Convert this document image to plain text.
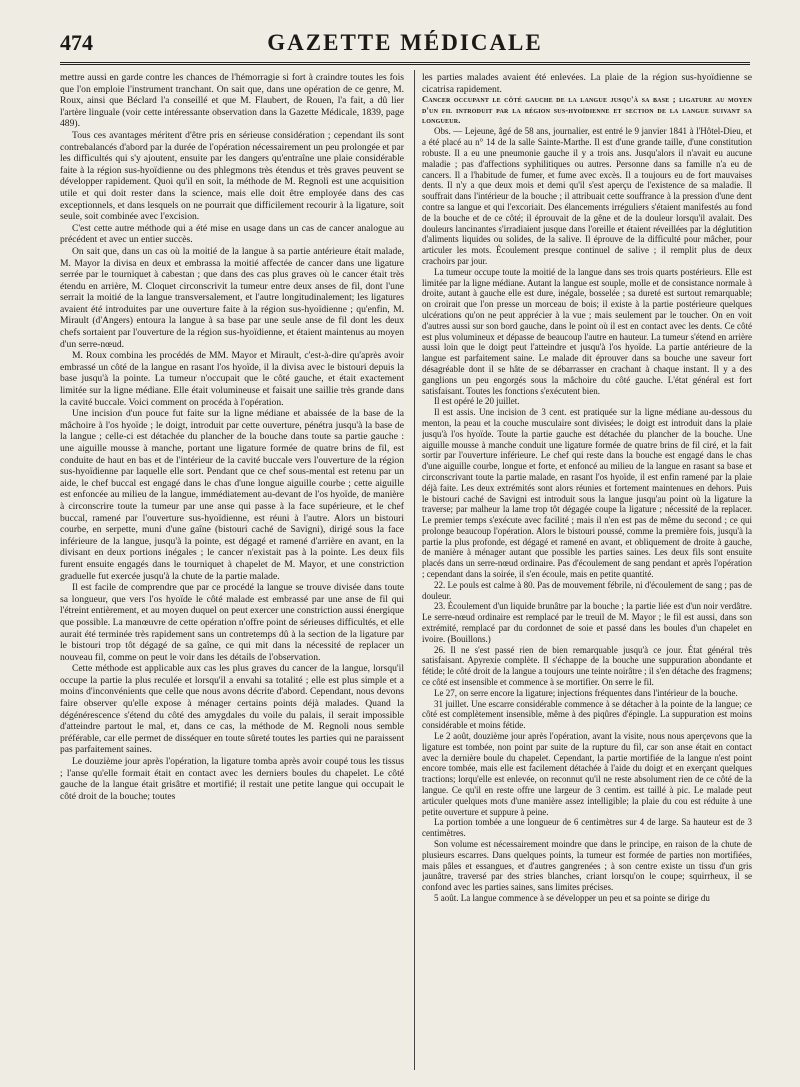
474	GAZETTE MÉDICALE

mettre aussi en garde contre les chances de l'hémorragie si fort à craindre toutes les fois que l'on emploie l'instrument tranchant. On sait que, dans une opération de ce genre, M. Roux, ainsi que Béclard l'a conseillé et que M. Flaubert, de Rouen, l'a fait, a dû lier l'artère linguale (voir cette intéressante observation dans la Gazette Médicale, 1839, page 489).

Tous ces avantages méritent d'être pris en sérieuse considération ; cependant ils sont contrebalancés d'abord par la durée de l'opération nécessairement un peu prolongée et par les difficultés qui s'y ajoutent, ensuite par les dangers qu'entraîne une plaie considérable faite à la région sus-hyoïdienne ou des phlegmons très étendus et très graves peuvent se développer rapidement. Quoi qu'il en soit, la méthode de M. Regnoli est une acquisition utile et qui doit rester dans la science, mais elle doit être employée dans des cas exceptionnels, et dans lesquels on ne pourrait que difficilement recourir à la ligature, soit seule, soit combinée avec l'excision.

C'est cette autre méthode qui a été mise en usage dans un cas de cancer analogue au précédent et avec un entier succès.

On sait que, dans un cas où la moitié de la langue à sa partie antérieure était malade, M. Mayor la divisa en deux et embrassa la moitié affectée de cancer dans une ligature serrée par le tourniquet à cabestan ; que dans des cas plus graves où le cancer était très étendu en arrière, M. Cloquet circonscrivit la tumeur entre deux anses de fil, dont l'une serrait la moitié de la langue transversalement, et l'autre longitudinalement; les ligatures avaient été introduites par une ouverture faite à la région sus-hyoïdienne ; qu'enfin, M. Mirault (d'Angers) entoura la langue à sa base par une seule anse de fil dont les deux chefs sortaient par l'ouverture de la région sus-hyoïdienne, et étaient maintenus au moyen d'un serre-nœud.

M. Roux combina les procédés de MM. Mayor et Mirault, c'est-à-dire qu'après avoir embrassé un côté de la langue en rasant l'os hyoïde, il la divisa avec le bistouri depuis la base jusqu'à la pointe. La tumeur n'occupait que le côté gauche, et était exactement limitée sur la ligne médiane. Elle était volumineuse et faisait une saillie très grande dans la cavité buccale. Voici comment on procéda à l'opération.

Une incision d'un pouce fut faite sur la ligne médiane et abaissée de la base de la mâchoire à l'os hyoïde ; le doigt, introduit par cette ouverture, pénétra jusqu'à la base de la langue ; celle-ci est détachée du plancher de la bouche dans toute sa partie gauche : une aiguille mousse à manche, portant une ligature formée de quatre brins de fil, est conduite de haut en bas et de l'intérieur de la cavité buccale vers l'ouverture de la région sus-hyoïdienne par laquelle elle sort. Pendant que ce chef sous-mental est retenu par un aide, le chef buccal est engagé dans le chas d'une longue aiguille courbe ; cette aiguille est enfoncée au milieu de la langue, immédiatement au-devant de l'os hyoïde, de manière à circonscrire toute la tumeur par une anse qui passe à la face supérieure, et le chef buccal, ramené par l'ouverture sus-hyoïdienne, est réuni à l'autre. Alors un bistouri courbe, en serpette, muni d'une gaîne (bistouri caché de Savigni), dirigé sous la face inférieure de la langue, jusqu'à la pointe, est dégagé et ramené d'arrière en avant, en la divisant en deux portions inégales ; le cancer n'existait pas à la pointe. Les deux fils furent ensuite engagés dans le tourniquet à chapelet de M. Mayor, et une constriction graduelle fut exercée jusqu'à la chute de la partie malade.

Il est facile de comprendre que par ce procédé la langue se trouve divisée dans toute sa longueur, que vers l'os hyoïde le côté malade est embrassé par une anse de fil qui l'étreint entièrement, et au moyen duquel on peut exercer une constriction aussi énergique que possible. La manœuvre de cette opération n'offre point de sérieuses difficultés, et elle aurait été terminée très rapidement sans un contretemps dû à la section de la ligature par le bistouri trop tôt dégagé de sa gaîne, ce qui mit dans la nécessité de replacer un nouveau fil, comme on peut le voir dans les détails de l'observation.

Cette méthode est applicable aux cas les plus graves du cancer de la langue, lorsqu'il occupe la partie la plus reculée et lorsqu'il a envahi sa totalité ; elle est plus simple et a moins d'inconvénients que celle que nous avons décrite d'abord. Cependant, nous devons faire observer qu'elle expose à ménager certains points déjà malades. Quand la dégénérescence s'étend du côté des amygdales du voile du palais, il serait impossible d'atteindre partout le mal, et, dans ce cas, la méthode de M. Regnoli nous semble préférable, car elle permet de disséquer en toute sûreté toutes les parties qui ne paraissent pas parfaitement saines.

Le douzième jour après l'opération, la ligature tomba après avoir coupé tous les tissus ; l'anse qu'elle formait était en contact avec les derniers boules du chapelet. Le côté gauche de la langue était grisâtre et mortifié; il restait une petite langue qui occupait le côté droit de la bouche; toutes

les parties malades avaient été enlevées. La plaie de la région sus-hyoïdienne se cicatrisa rapidement.

Cancer occupant le côté gauche de la langue jusqu'à sa base ; ligature au moyen d'un fil introduit par la région sus-hyoïdienne et section de la langue suivant sa longueur.

Obs. — Lejeune, âgé de 58 ans, journalier, est entré le 9 janvier 1841 à l'Hôtel-Dieu, et a été placé au n° 14 de la salle Sainte-Marthe. Il est d'une grande taille, d'une constitution robuste. Il a eu une pneumonie gauche il y a trois ans. Jusqu'alors il n'avait eu aucune maladie ; pas d'affections syphilitiques ou autres. Personne dans sa famille n'a eu de cancers. Il a l'habitude de fumer, et fume avec excès. Il a toujours eu de fort mauvaises dents. Il n'y a que deux mois et demi qu'il s'est aperçu de l'existence de sa maladie. Il souffrait dans l'intérieur de la bouche ; il attribuait cette souffrance à la pression d'une dent contre sa langue et qui l'excoriait. Des élancements irréguliers s'étaient manifestés au fond de la bouche et de ce côté; il éprouvait de la gêne et de la douleur lorsqu'il avalait. Des douleurs lancinantes s'irradiaient jusque dans l'oreille et étaient réveillées par la déglutition d'aliments liquides ou solides, de la salive. Il éprouve de la difficulté pour mâcher, pour articuler les mots. Écoulement presque continuel de salive ; il remplit plus de deux crachoirs par jour.

La tumeur occupe toute la moitié de la langue dans ses trois quarts postérieurs. Elle est limitée par la ligne médiane. Autant la langue est souple, molle et de consistance normale à droite, autant à gauche elle est dure, inégale, bosselée ; sa dureté est surtout remarquable; on croirait que l'on presse un morceau de bois; il existe à la partie postérieure quelques ulcérations qu'on ne peut apprécier à la vue ; mais seulement par le toucher. On en voit d'autres aussi sur son bord gauche, dans le point où il est en contact avec les dents. Ce côté est plus volumineux et dépasse de beaucoup l'autre en hauteur. La tumeur s'étend en arrière aussi loin que le doigt peut l'atteindre et jusqu'à l'os hyoïde. La partie antérieure de la langue est parfaitement saine. Le malade dit éprouver dans sa bouche une saveur fort désagréable dont il se hâte de se débarrasser en crachant à chaque instant. Il y a des ganglions un peu engorgés sous la mâchoire du côté gauche. L'état général est fort satisfaisant. Toutes les fonctions s'exécutent bien.

Il est opéré le 20 juillet.

Il est assis. Une incision de 3 cent. est pratiquée sur la ligne médiane au-dessous du menton, la peau et la couche musculaire sont divisées; le doigt est introduit dans la plaie jusqu'à l'os hyoïde. Toute la partie gauche est détachée du plancher de la bouche. Une aiguille mousse à manche conduit une ligature formée de quatre brins de fil ciré, et la fait sortir par l'ouverture inférieure. Le chef qui reste dans la bouche est engagé dans le chas d'une aiguille courbe, longue et forte, et enfoncé au milieu de la langue en rasant sa base et circonscrivant toute la partie malade, en rasant l'os hyoïde, il est enfin ramené par la plaie déjà faite. Les deux extrémités sont alors réunies et fortement maintenues en dehors. Puis le bistouri caché de Savigni est introduit sous la langue jusqu'au point où la ligature la traverse; par malheur la lame trop tôt dégagée coupe la ligature ; nécessité de la replacer. Le premier temps s'exécute avec facilité ; mais il n'en est pas de même du second ; ce qui prolonge beaucoup l'opération. Alors le bistouri poussé, comme la première fois, jusqu'à la partie la plus profonde, est dégagé et ramené en avant, et obliquement de droite à gauche, de manière à ménager autant que possible les parties saines. Les deux fils sont ensuite placés dans un serre-nœud ordinaire. Pas d'écoulement de sang pendant et après l'opération ; cependant dans la soirée, il s'en écoule, mais en petite quantité.

22. Le pouls est calme à 80. Pas de mouvement fébrile, ni d'écoulement de sang ; pas de douleur.

23. Écoulement d'un liquide brunâtre par la bouche ; la partie liée est d'un noir verdâtre. Le serre-nœud ordinaire est remplacé par le treuil de M. Mayor ; le fil est aussi, dans son extrémité, remplacé par du cordonnet de soie et passé dans les boules d'un chapelet en ivoire. (Bouillons.)

26. Il ne s'est passé rien de bien remarquable jusqu'à ce jour. État général très satisfaisant. Apyrexie complète. Il s'échappe de la bouche une suppuration abondante et fétide; le côté droit de la langue a toujours une teinte noirâtre ; il s'en détache des fragmens; ce côté est insensible et commence à se mortifier. On serre le fil.

Le 27, on serre encore la ligature; injections fréquentes dans l'intérieur de la bouche.

31 juillet. Une escarre considérable commence à se détacher à la pointe de la langue; ce côté est complètement insensible, même à des piqûres d'épingle. La suppuration est moins considérable et moins fétide.

Le 2 août, douzième jour après l'opération, avant la visite, nous nous aperçevons que la ligature est tombée, non point par suite de la rupture du fil, car son anse était en contact avec la dernière boule du chapelet. Cependant, la partie mortifiée de la langue n'est point encore tombée, mais elle est facilement détachée à l'aide du doigt et en exerçant quelques tractions; lorqu'elle est enlevée, on reconnut qu'il ne reste absolument rien de ce côté de la langue. Ce qu'il en reste offre une largeur de 3 centim. est taillé à pic. Le malade peut articuler quelques mots d'une manière assez intelligible; la plaie du cou est réduite à une petite ouverture et suppure à peine.

La portion tombée a une longueur de 6 centimètres sur 4 de large. Sa hauteur est de 3 centimètres.

Son volume est nécessairement moindre que dans le principe, en raison de la chute de plusieurs escarres. Dans quelques points, la tumeur est formée de parties non mortifiées, mais pâles et essangues, et d'autres gangrenées ; à son centre existe un tissu d'un gris jaunâtre, traversé par des stries blanches, criant lorsqu'on le coupe; squirrheux, il se confond avec les parties saines, sans limites précises.

5 août. La langue commence à se développer un peu et sa pointe se dirige du
